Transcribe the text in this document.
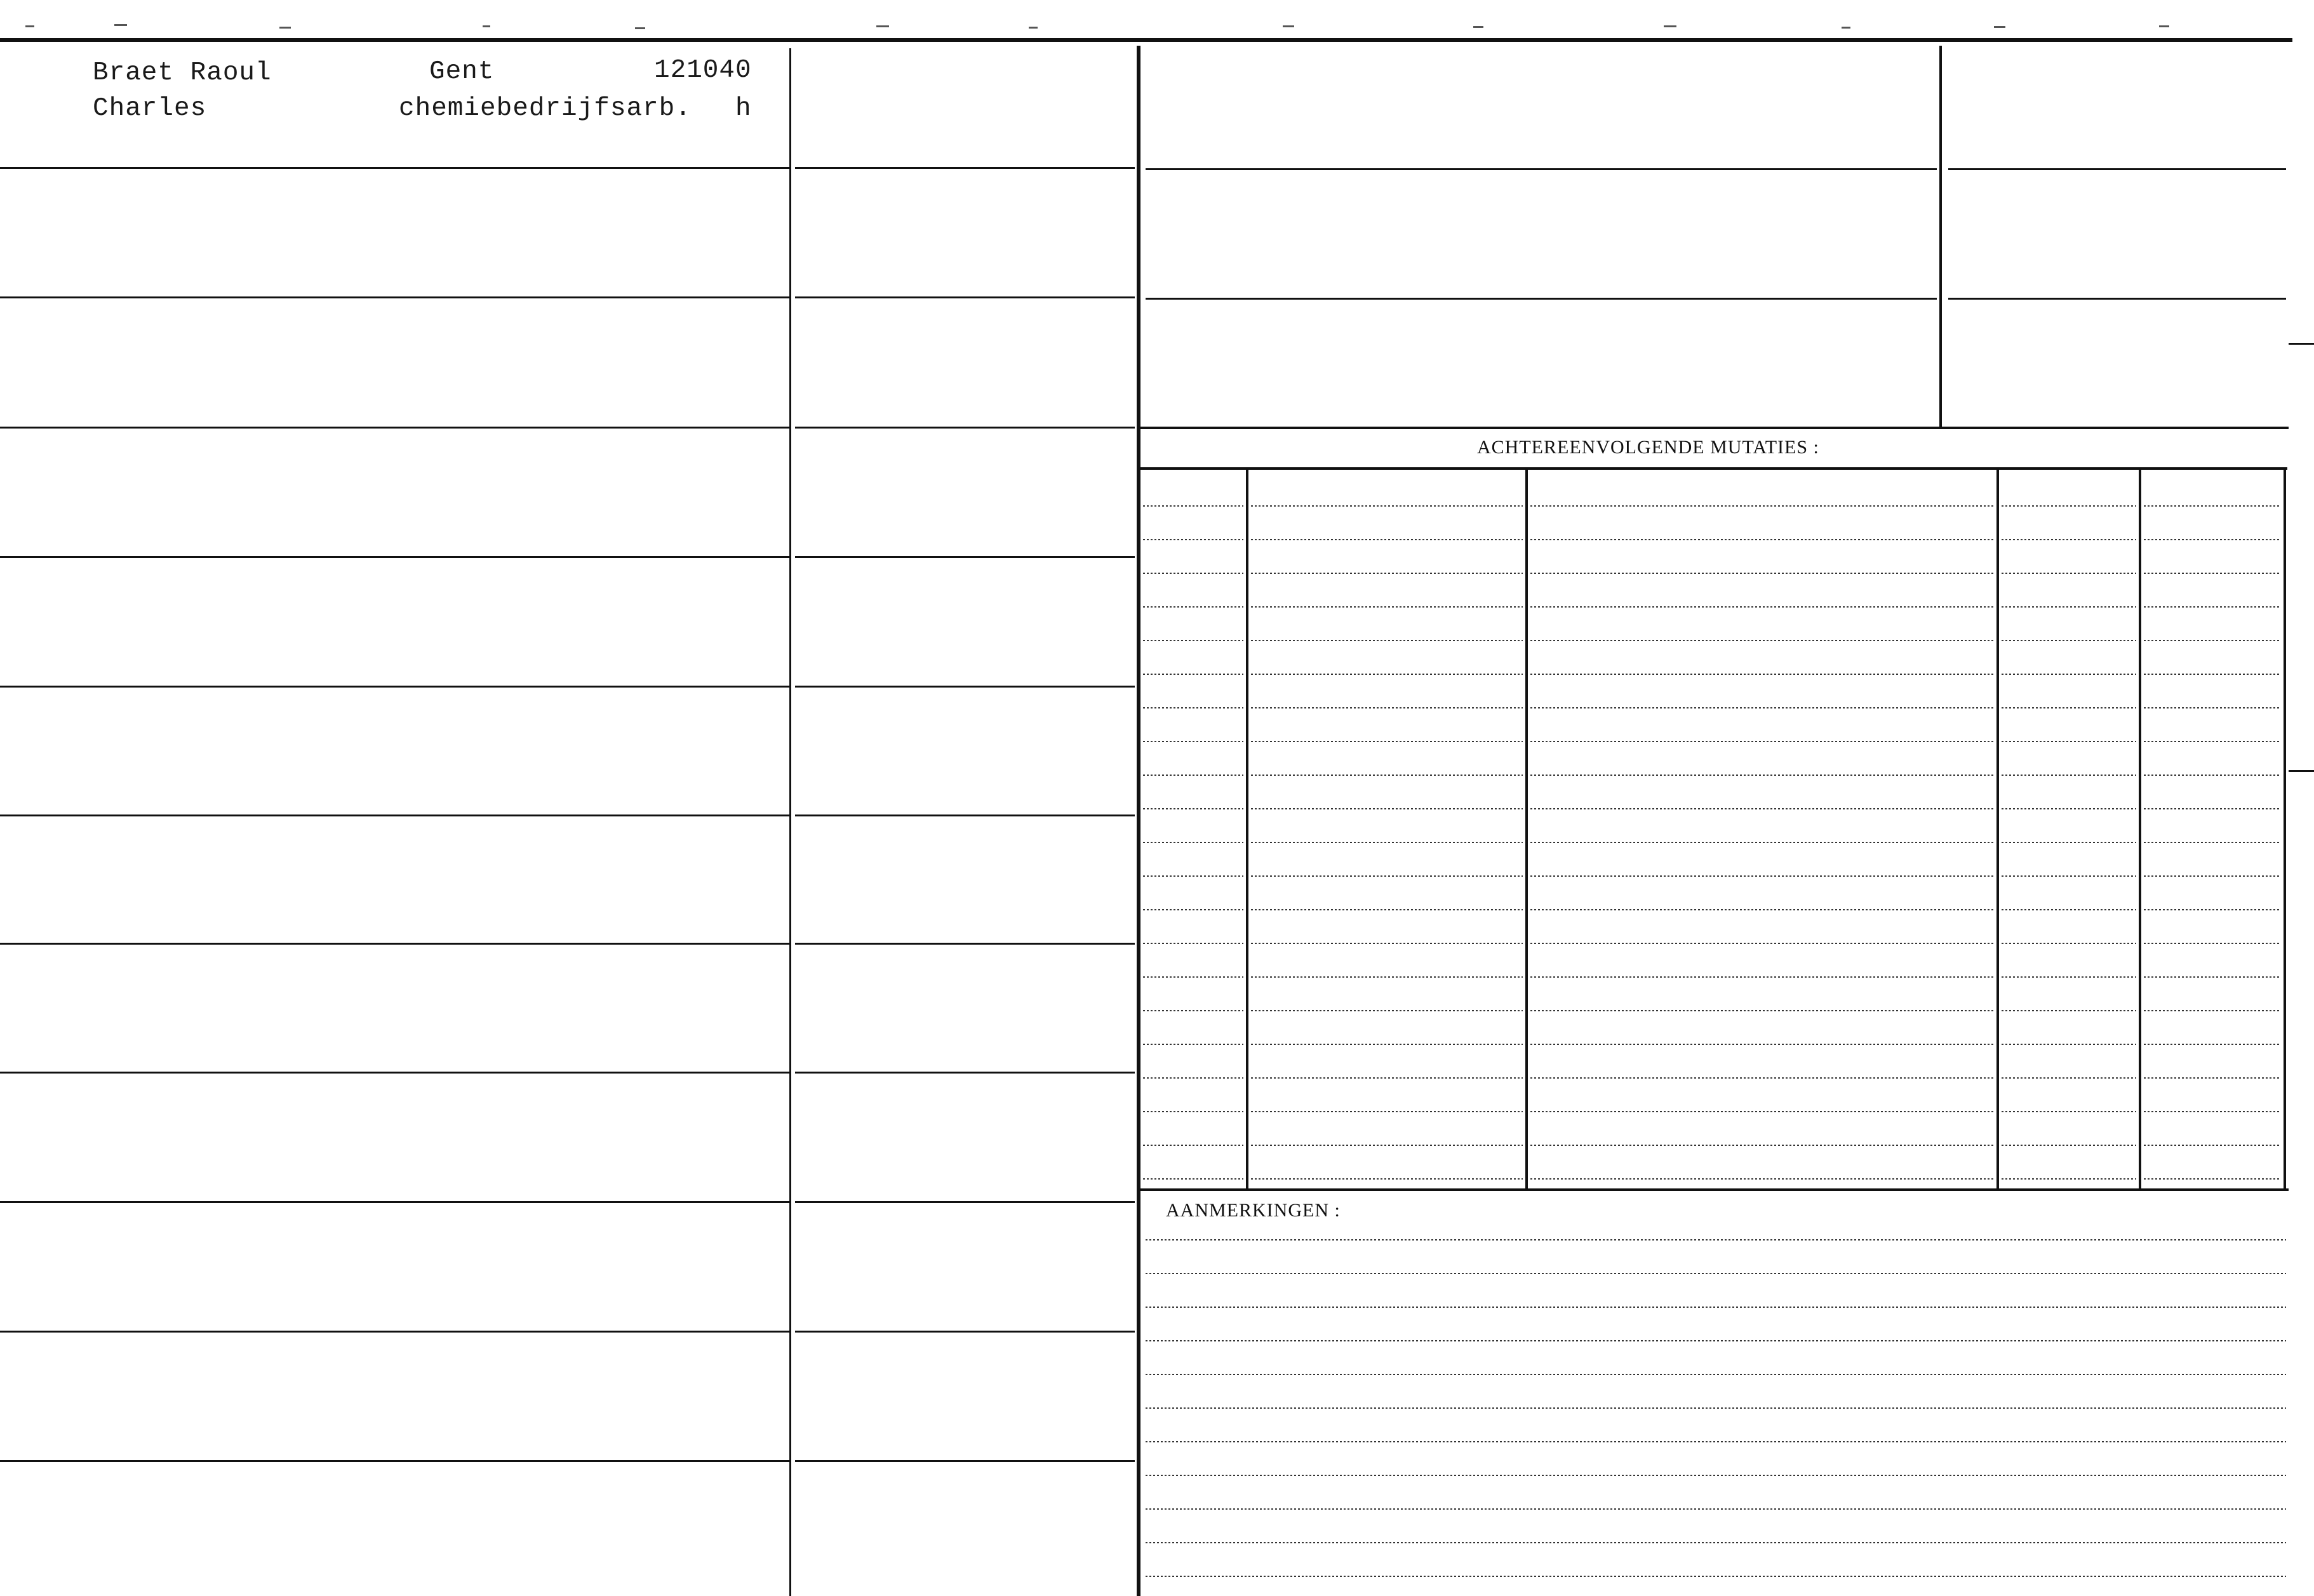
Braet Raoul
Charles
Gent	121040
chemiebedrijfsarb. h
ACHTEREENVOLGENDE MUTATIES :
AANMERKINGEN :
